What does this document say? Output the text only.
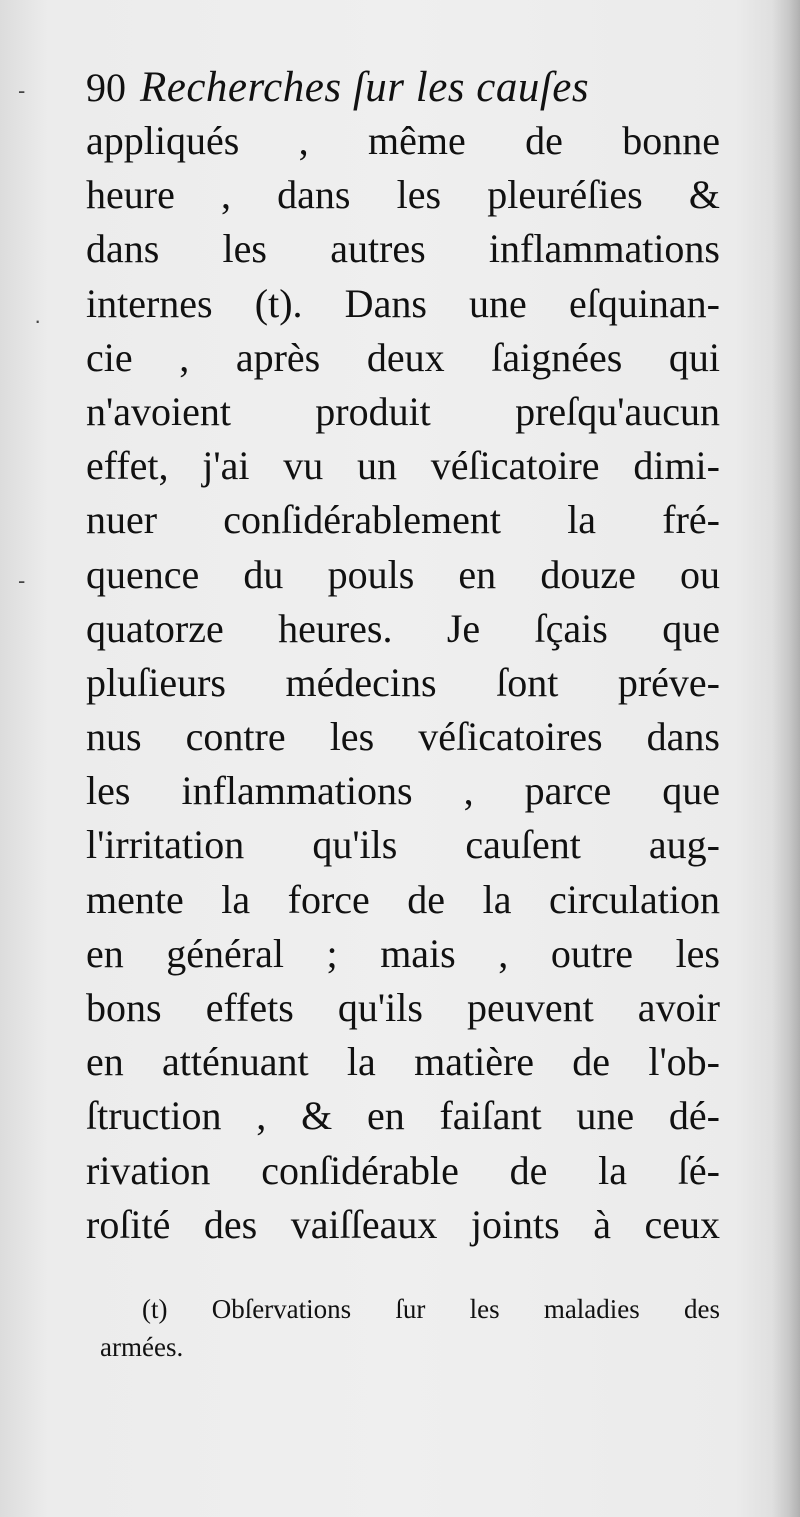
90 Recherches ſur les cauſes
appliqués , même de bonne
heure , dans les pleuréſies &
dans les autres inflammations
internes (t). Dans une eſquinan-
cie , après deux ſaignées qui
n'avoient produit preſqu'aucun
effet, j'ai vu un véſicatoire dimi-
nuer conſidérablement la fré-
quence du pouls en douze ou
quatorze heures. Je ſçais que
pluſieurs médecins ſont préve-
nus contre les véſicatoires dans
les inflammations , parce que
l'irritation qu'ils cauſent aug-
mente la force de la circulation
en général ; mais , outre les
bons effets qu'ils peuvent avoir
en atténuant la matière de l'ob-
ſtruction , & en faiſant une dé-
rivation conſidérable de la ſé-
roſité des vaiſſeaux joints à ceux
(t) Obſervations ſur les maladies des
armées.
-
-
·
